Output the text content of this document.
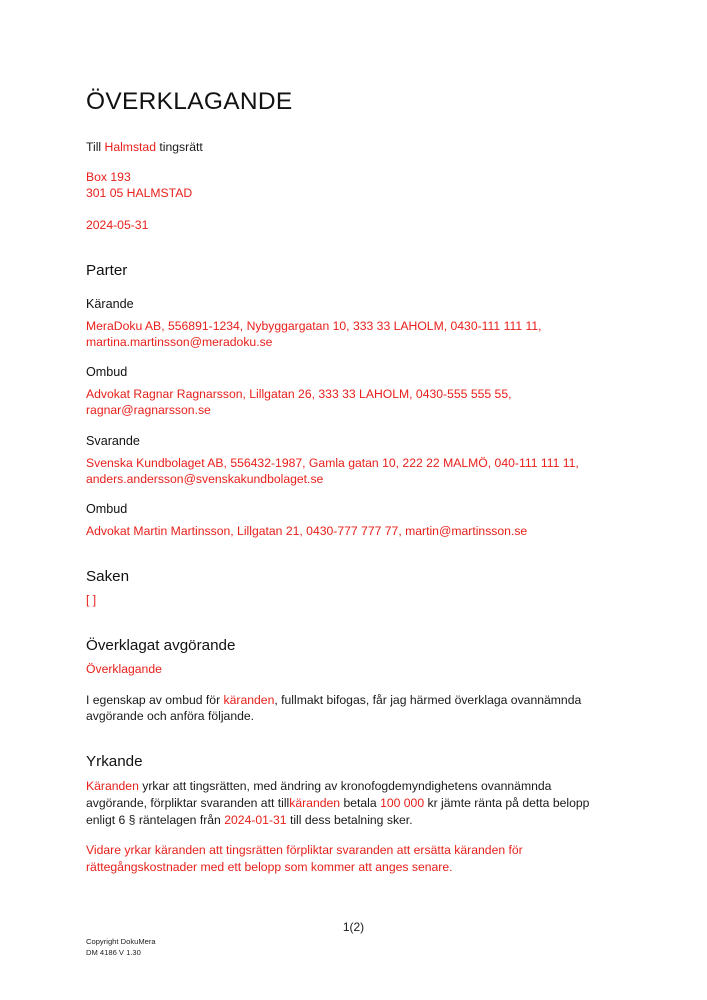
ÖVERKLAGANDE

Till Halmstad tingsrätt

Box 193

301 05 HALMSTAD

2024-05-31

Parter

Kärande

MeraDoku AB, 556891-1234, Nybyggargatan 10, 333 33 LAHOLM, 0430-111 111 11,

martina.martinsson@meradoku.se

Ombud

Advokat Ragnar Ragnarsson, Lillgatan 26, 333 33 LAHOLM, 0430-555 555 55,

ragnar@ragnarsson.se

Svarande

Svenska Kundbolaget AB, 556432-1987, Gamla gatan 10, 222 22 MALMÖ, 040-111 111 11,

anders.andersson@svenskakundbolaget.se

Ombud

Advokat Martin Martinsson, Lillgatan 21, 0430-777 777 77, martin@martinsson.se

Saken

[ ]

Överklagat avgörande

Överklagande

I egenskap av ombud för käranden, fullmakt bifogas, får jag härmed överklaga ovannämnda

avgörande och anföra följande.

Yrkande

Käranden yrkar att tingsrätten, med ändring av kronofogdemyndighetens ovannämnda

avgörande, förpliktar svaranden att tillkäranden betala 100 000 kr jämte ränta på detta belopp

enligt 6 § räntelagen från 2024-01-31 till dess betalning sker.

Vidare yrkar käranden att tingsrätten förpliktar svaranden att ersätta käranden för

rättegångskostnader med ett belopp som kommer att anges senare.

1(2)
Copyright DokuMera
DM 4186 V 1.30
